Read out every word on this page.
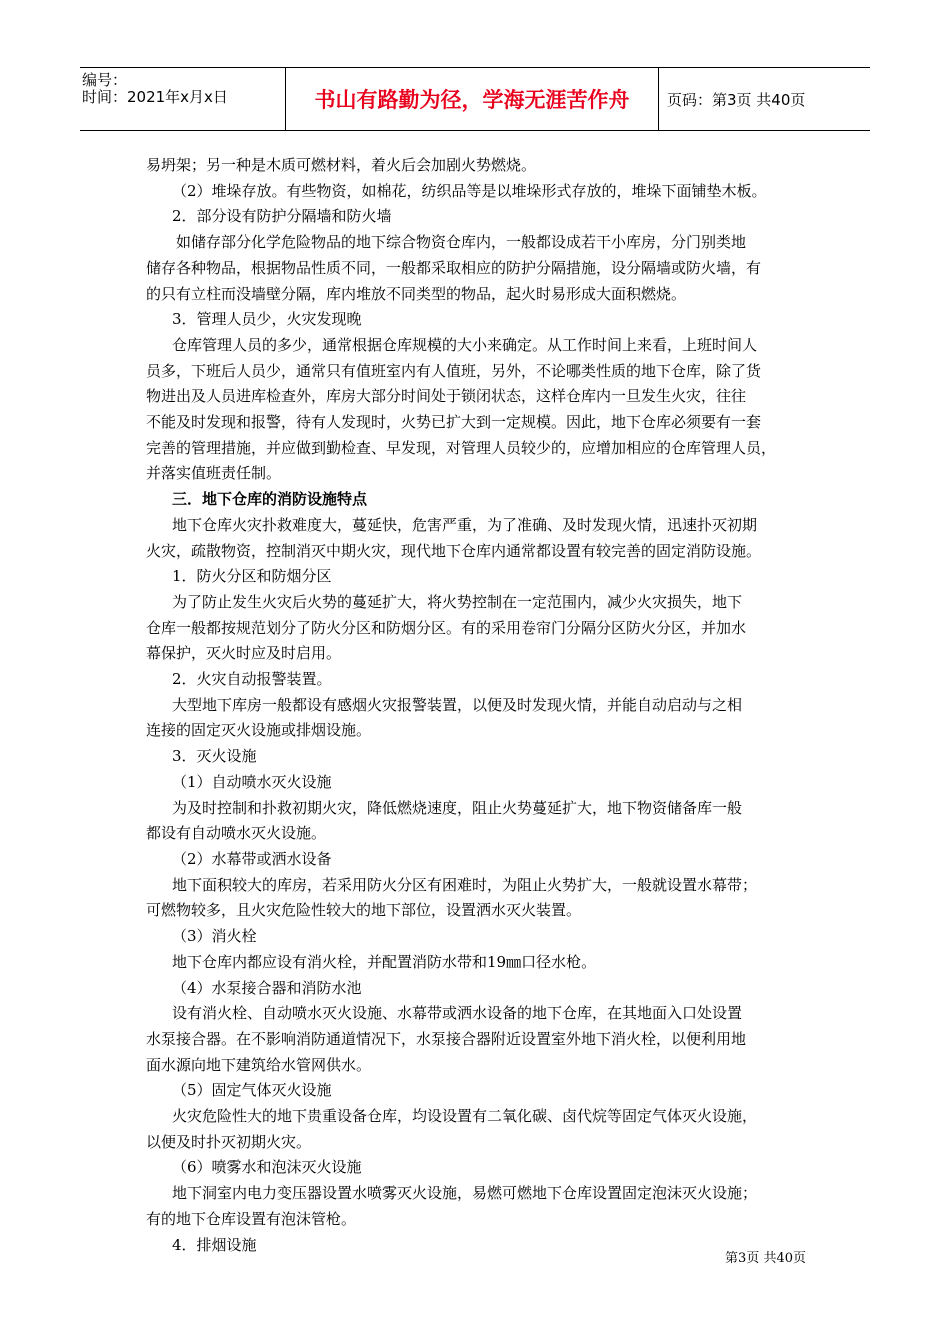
编号：
时间：2021年x月x日	书山有路勤为径，学海无涯苦作舟	页码：第3页 共40页

易坍架；另一种是木质可燃材料，着火后会加剧火势燃烧。

（2）堆垛存放。有些物资，如棉花，纺织品等是以堆垛形式存放的，堆垛下面铺垫木板。

2．部分设有防护分隔墙和防火墙

如储存部分化学危险物品的地下综合物资仓库内，一般都设成若干小库房，分门别类地

储存各种物品，根据物品性质不同，一般都采取相应的防护分隔措施，设分隔墙或防火墙，有

的只有立柱而没墙壁分隔，库内堆放不同类型的物品，起火时易形成大面积燃烧。

3．管理人员少，火灾发现晚

仓库管理人员的多少，通常根据仓库规模的大小来确定。从工作时间上来看，上班时间人

员多，下班后人员少，通常只有值班室内有人值班，另外，不论哪类性质的地下仓库，除了货

物进出及人员进库检查外，库房大部分时间处于锁闭状态，这样仓库内一旦发生火灾，往往

不能及时发现和报警，待有人发现时，火势已扩大到一定规模。因此，地下仓库必须要有一套

完善的管理措施，并应做到勤检查、早发现，对管理人员较少的，应增加相应的仓库管理人员，

并落实值班责任制。

三．地下仓库的消防设施特点

地下仓库火灾扑救难度大，蔓延快，危害严重，为了准确、及时发现火情，迅速扑灭初期

火灾，疏散物资，控制消灭中期火灾，现代地下仓库内通常都设置有较完善的固定消防设施。

1．防火分区和防烟分区

为了防止发生火灾后火势的蔓延扩大，将火势控制在一定范围内，减少火灾损失，地下

仓库一般都按规范划分了防火分区和防烟分区。有的采用卷帘门分隔分区防火分区，并加水

幕保护，灭火时应及时启用。

2．火灾自动报警装置。

大型地下库房一般都设有感烟火灾报警装置，以便及时发现火情，并能自动启动与之相

连接的固定灭火设施或排烟设施。

3．灭火设施

（1）自动喷水灭火设施

为及时控制和扑救初期火灾，降低燃烧速度，阻止火势蔓延扩大，地下物资储备库一般

都设有自动喷水灭火设施。

（2）水幕带或洒水设备

地下面积较大的库房，若采用防火分区有困难时，为阻止火势扩大，一般就设置水幕带；

可燃物较多，且火灾危险性较大的地下部位，设置洒水灭火装置。

（3）消火栓

地下仓库内都应设有消火栓，并配置消防水带和19㎜口径水枪。

（4）水泵接合器和消防水池

设有消火栓、自动喷水灭火设施、水幕带或洒水设备的地下仓库，在其地面入口处设置

水泵接合器。在不影响消防通道情况下，水泵接合器附近设置室外地下消火栓，以便利用地

面水源向地下建筑给水管网供水。

（5）固定气体灭火设施

火灾危险性大的地下贵重设备仓库，均设设置有二氧化碳、卤代烷等固定气体灭火设施，

以便及时扑灭初期火灾。

（6）喷雾水和泡沫灭火设施

地下洞室内电力变压器设置水喷雾灭火设施，易燃可燃地下仓库设置固定泡沫灭火设施；

有的地下仓库设置有泡沫管枪。

4．排烟设施

第3页 共40页
